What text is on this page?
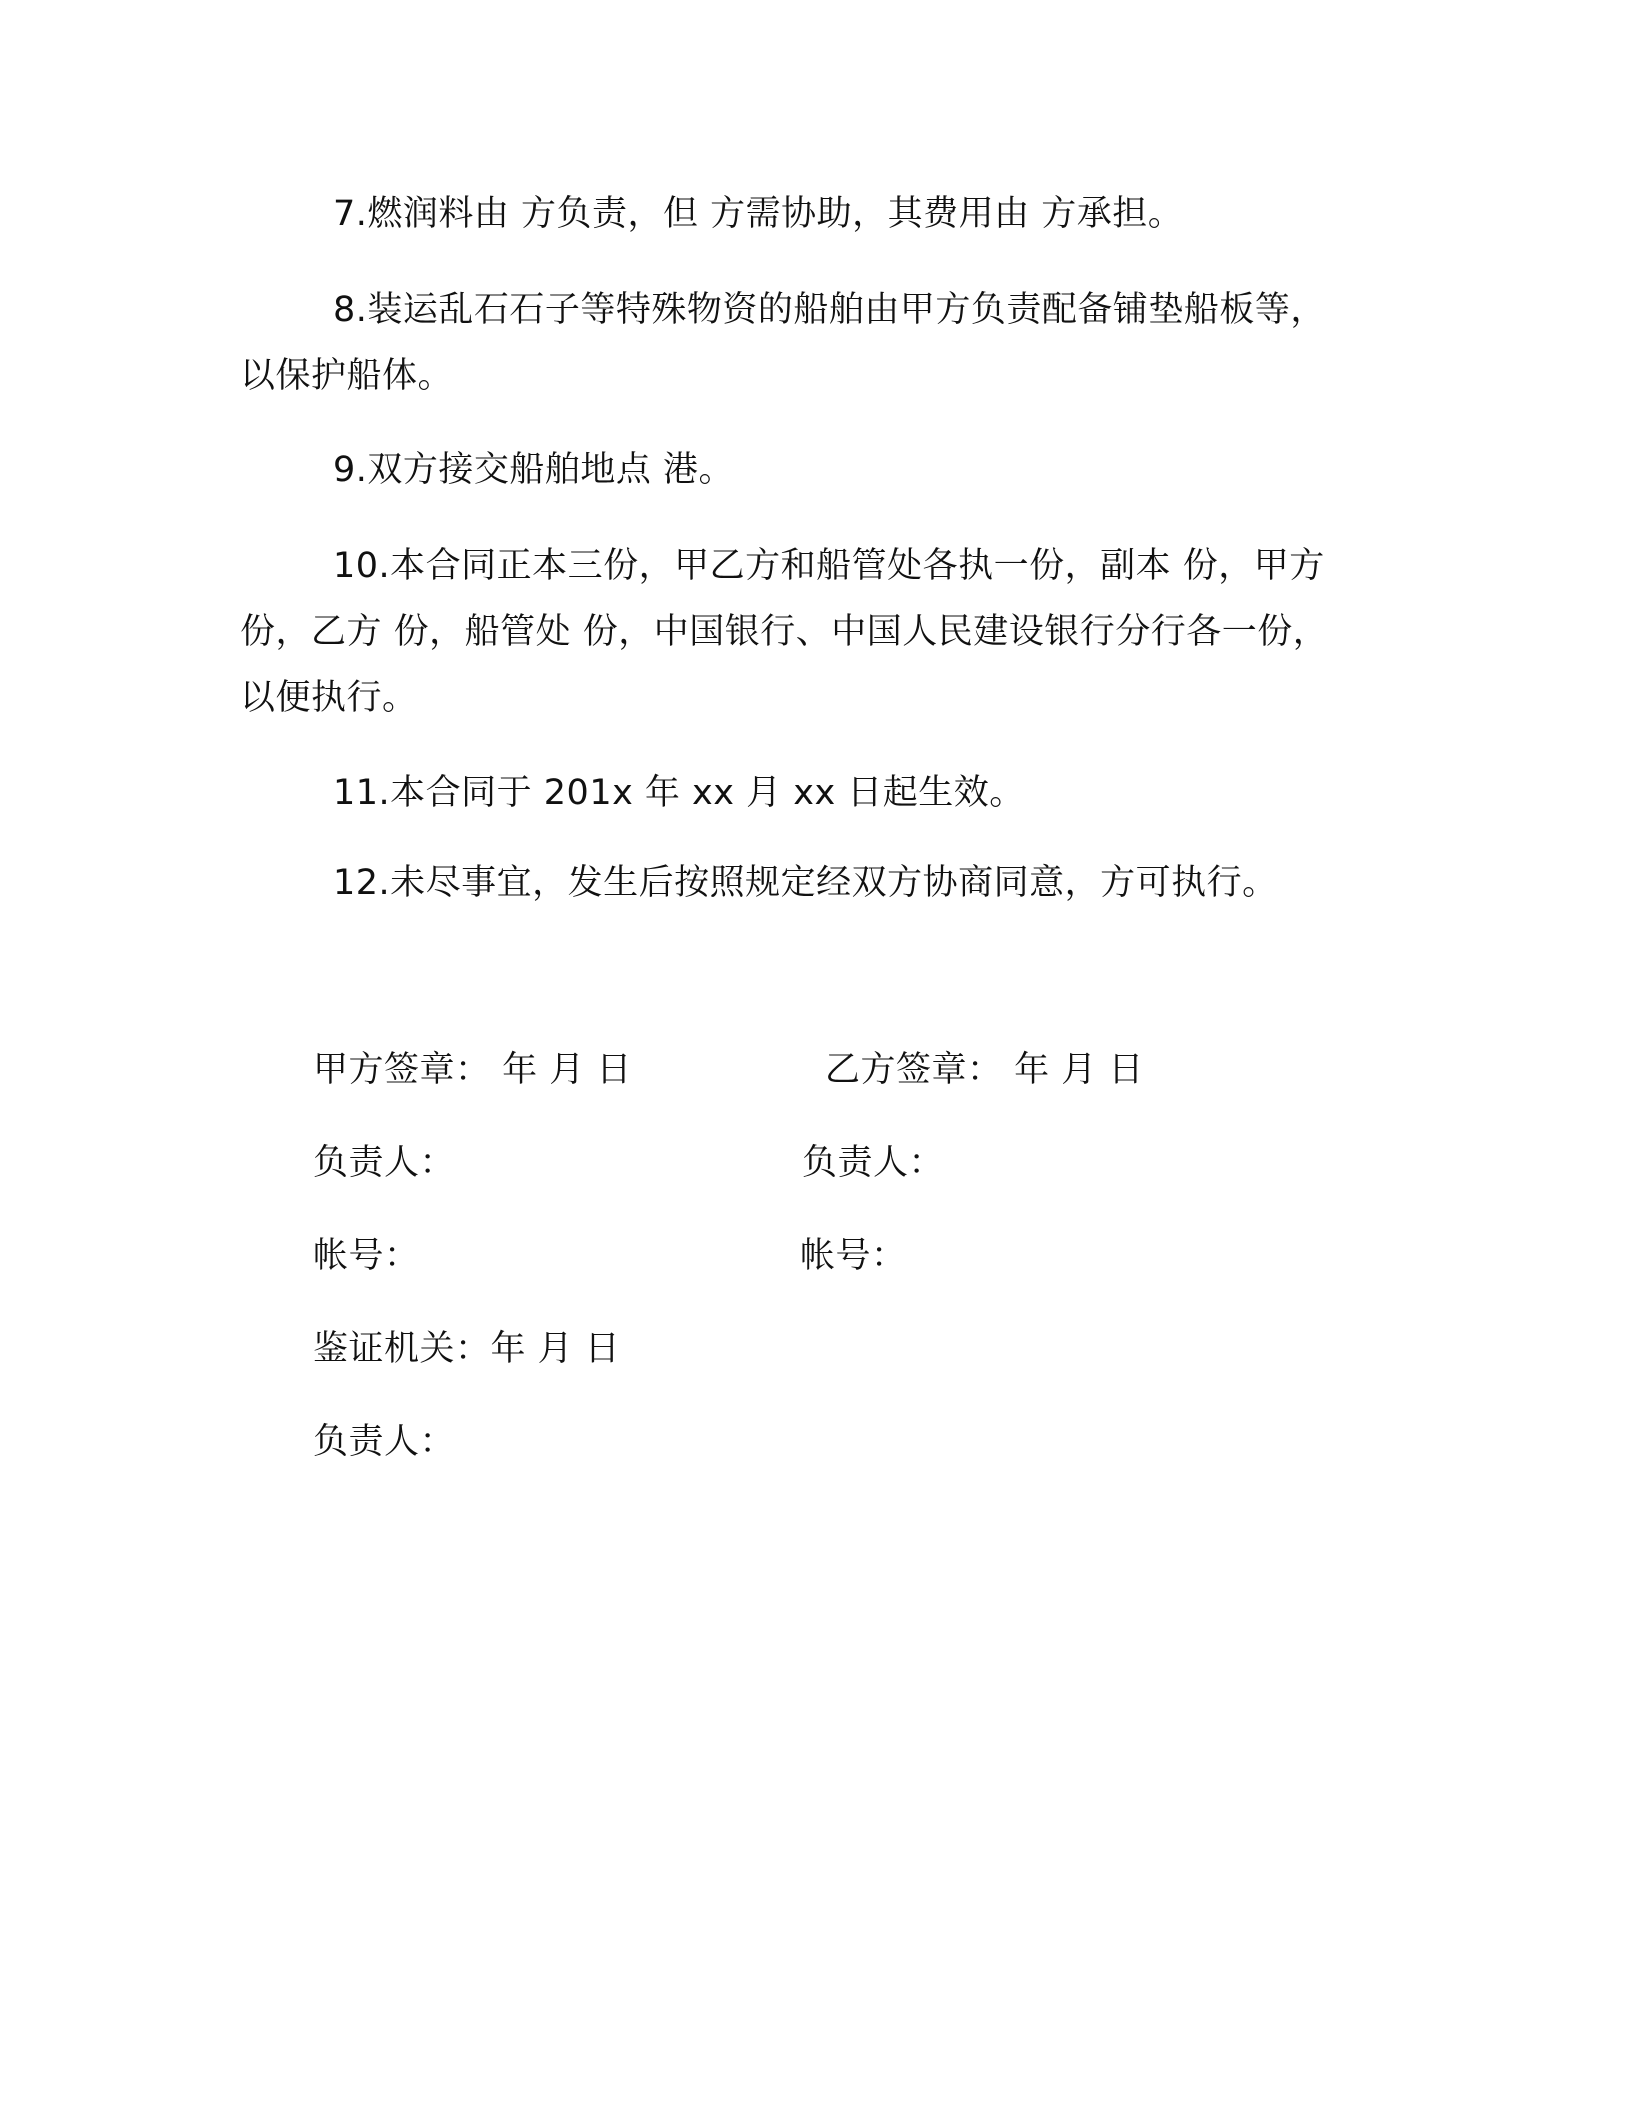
7.燃润料由 方负责，但 方需协助，其费用由 方承担。

8.装运乱石石子等特殊物资的船舶由甲方负责配备铺垫船板等，
以保护船体。

9.双方接交船舶地点 港。

10.本合同正本三份，甲乙方和船管处各执一份，副本 份，甲方
份，乙方 份，船管处 份，中国银行、中国人民建设银行分行各一份，
以便执行。

11.本合同于 201x 年 xx 月 xx 日起生效。

12.未尽事宜，发生后按照规定经双方协商同意，方可执行。

甲方签章： 年 月 日	乙方签章： 年 月 日
负责人：	负责人：
帐号：	帐号：
鉴证机关：年 月 日
负责人：
